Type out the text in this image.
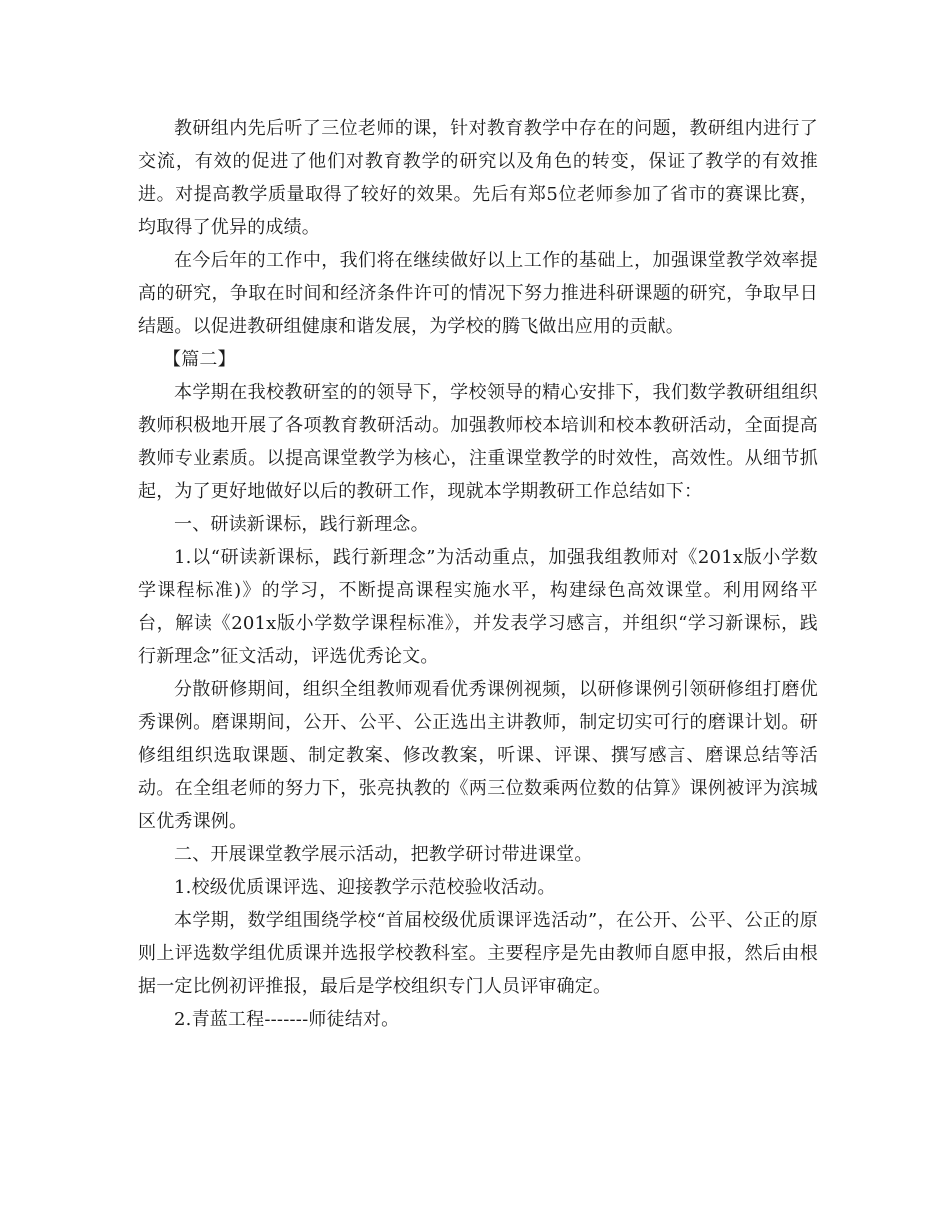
教研组内先后听了三位老师的课，针对教育教学中存在的问题，教研组内进行了交流，有效的促进了他们对教育教学的研究以及角色的转变，保证了教学的有效推进。对提高教学质量取得了较好的效果。先后有郑5位老师参加了省市的赛课比赛，均取得了优异的成绩。

在今后年的工作中，我们将在继续做好以上工作的基础上，加强课堂教学效率提高的研究，争取在时间和经济条件许可的情况下努力推进科研课题的研究，争取早日结题。以促进教研组健康和谐发展，为学校的腾飞做出应用的贡献。

【篇二】

本学期在我校教研室的的领导下，学校领导的精心安排下，我们数学教研组组织教师积极地开展了各项教育教研活动。加强教师校本培训和校本教研活动，全面提高教师专业素质。以提高课堂教学为核心，注重课堂教学的时效性，高效性。从细节抓起，为了更好地做好以后的教研工作，现就本学期教研工作总结如下：

一、研读新课标，践行新理念。

1.以“研读新课标，践行新理念”为活动重点，加强我组教师对《201x版小学数学课程标准)》的学习，不断提高课程实施水平，构建绿色高效课堂。利用网络平台，解读《201x版小学数学课程标准》，并发表学习感言，并组织“学习新课标，践行新理念”征文活动，评选优秀论文。

分散研修期间，组织全组教师观看优秀课例视频，以研修课例引领研修组打磨优秀课例。磨课期间，公开、公平、公正选出主讲教师，制定切实可行的磨课计划。研修组组织选取课题、制定教案、修改教案，听课、评课、撰写感言、磨课总结等活动。在全组老师的努力下，张亮执教的《两三位数乘两位数的估算》课例被评为滨城区优秀课例。

二、开展课堂教学展示活动，把教学研讨带进课堂。

1.校级优质课评选、迎接教学示范校验收活动。

本学期，数学组围绕学校“首届校级优质课评选活动”，在公开、公平、公正的原则上评选数学组优质课并选报学校教科室。主要程序是先由教师自愿申报，然后由根据一定比例初评推报，最后是学校组织专门人员评审确定。

2.青蓝工程-------师徒结对。
